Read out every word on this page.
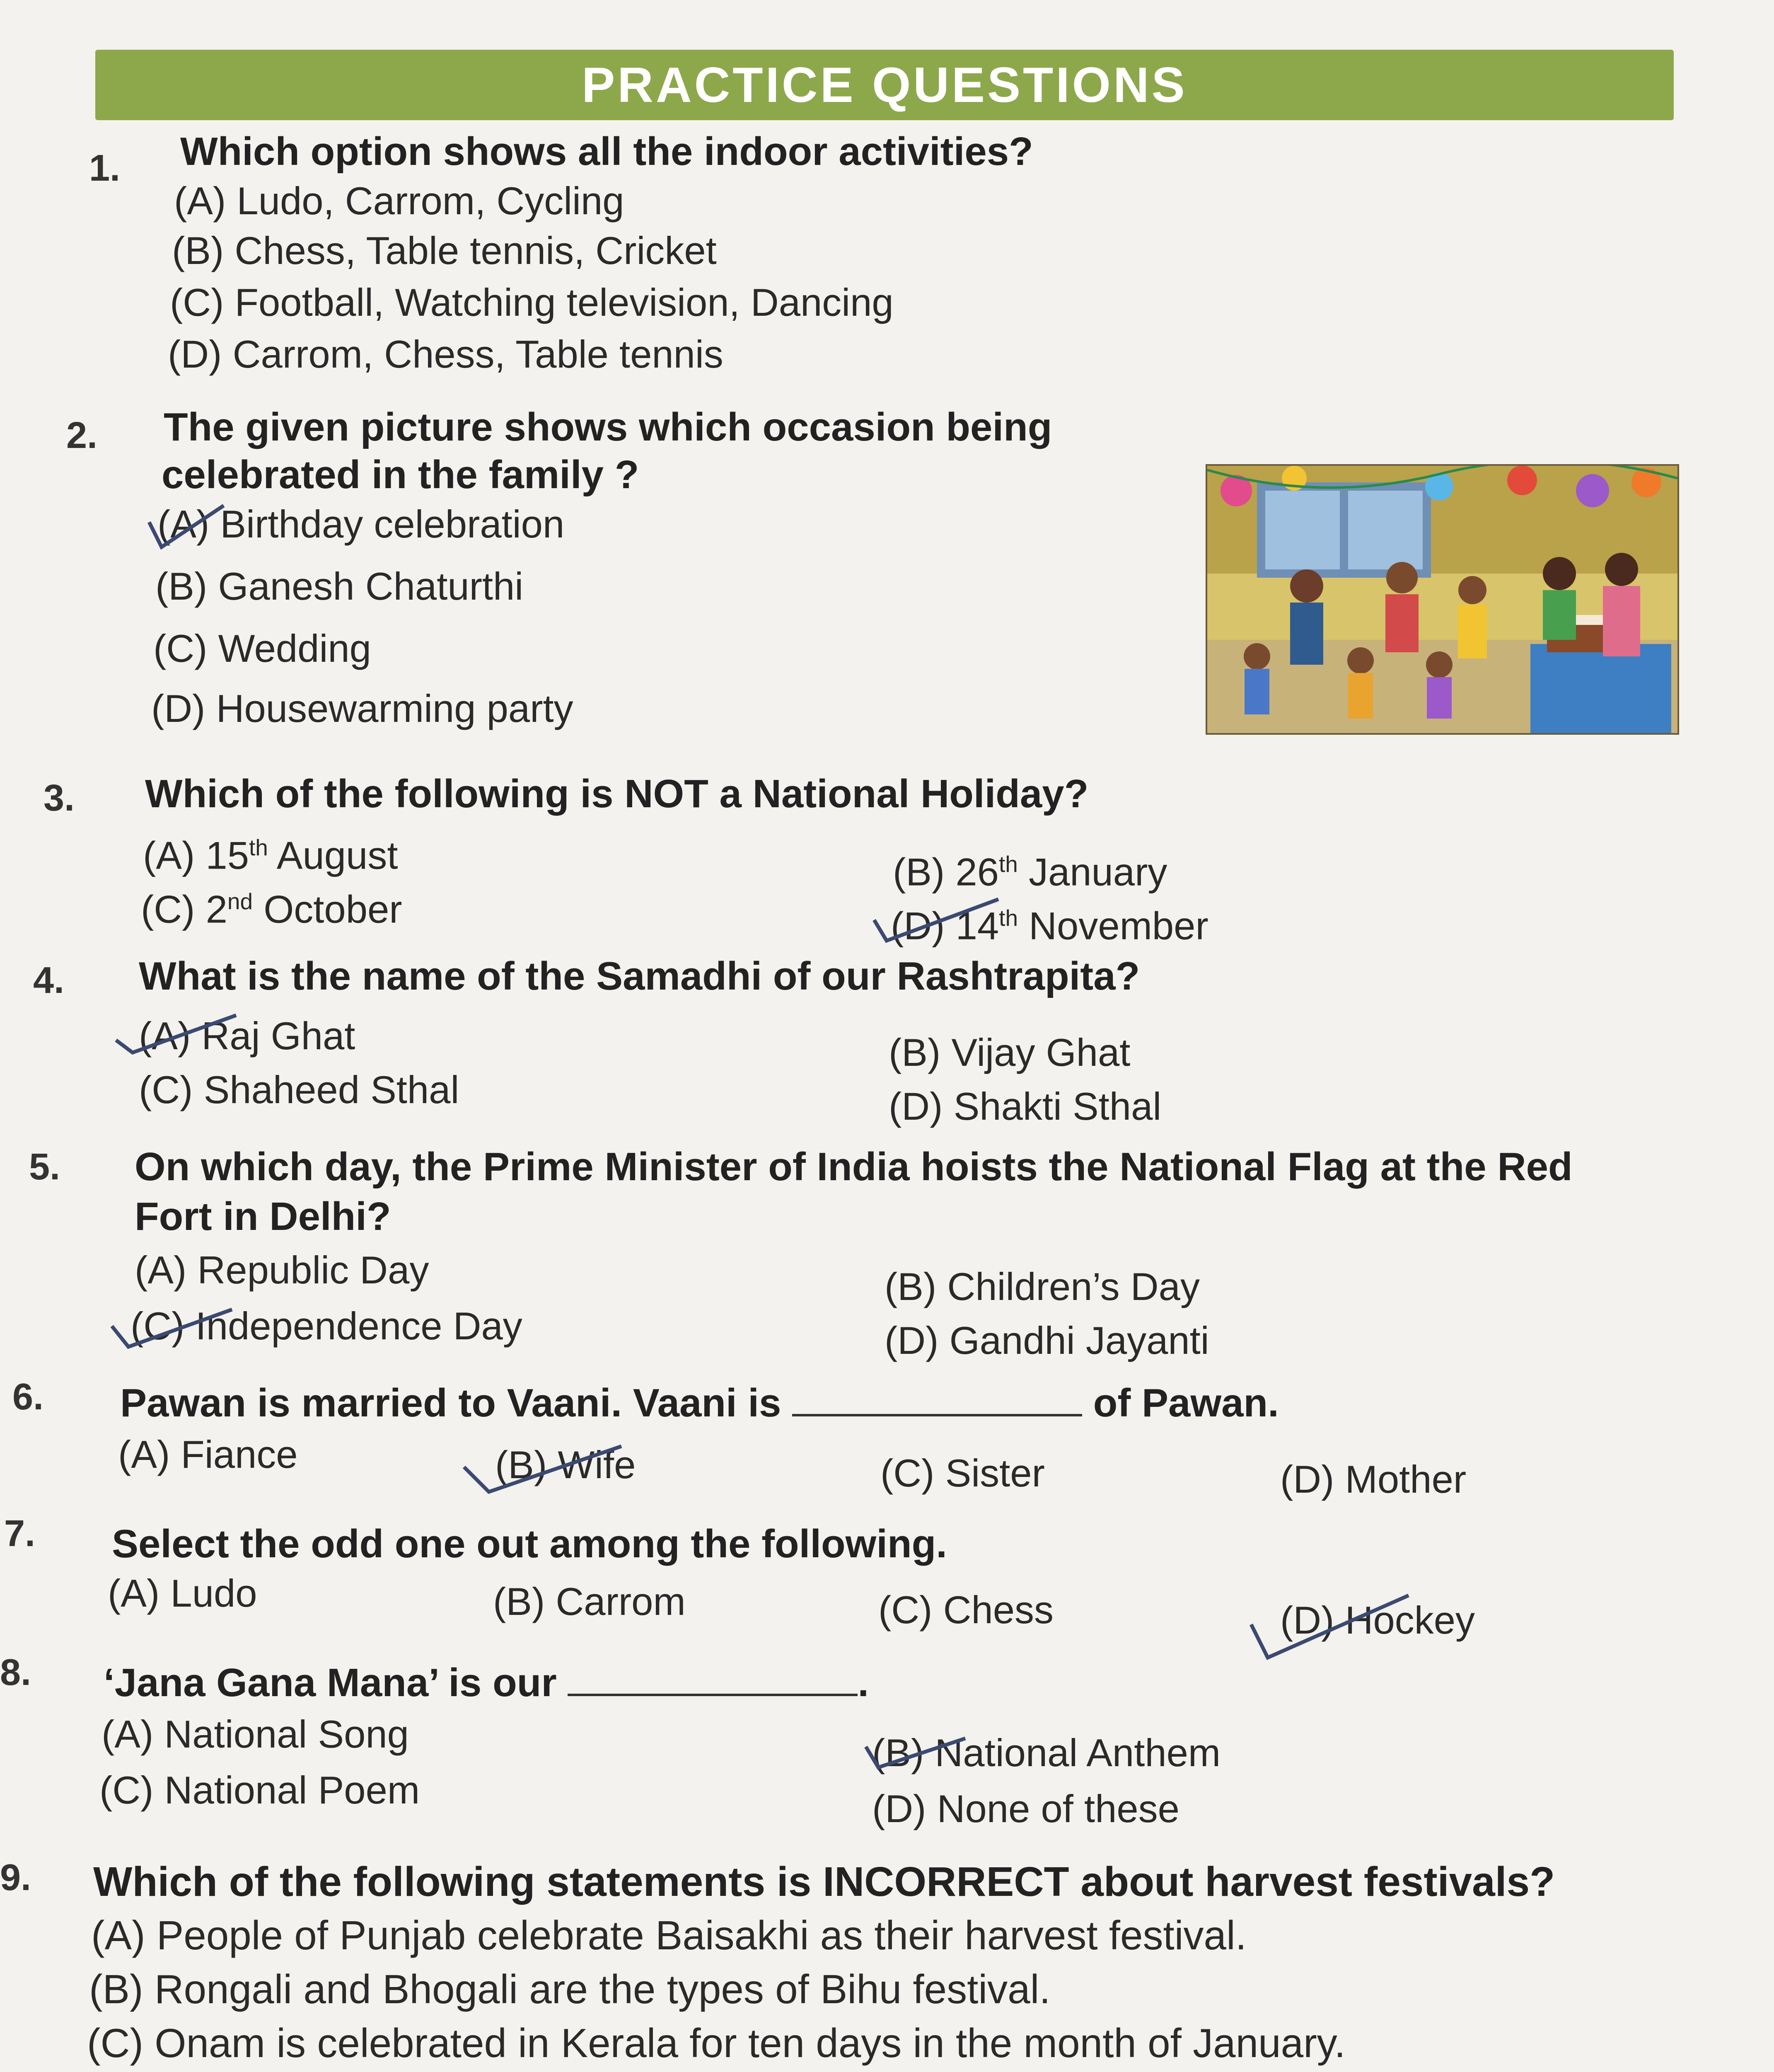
PRACTICE QUESTIONS
1. Which option shows all the indoor activities?
(A) Ludo, Carrom, Cycling
(B) Chess, Table tennis, Cricket
(C) Football, Watching television, Dancing
(D) Carrom, Chess, Table tennis
2. The given picture shows which occasion being
celebrated in the family ?
(A) Birthday celebration
(B) Ganesh Chaturthi
(C) Wedding
(D) Housewarming party
3. Which of the following is NOT a National Holiday?
(A) 15th August	(B) 26th January
(C) 2nd October	(D) 14th November
4. What is the name of the Samadhi of our Rashtrapita?
(A) Raj Ghat	(B) Vijay Ghat
(C) Shaheed Sthal	(D) Shakti Sthal
5. On which day, the Prime Minister of India hoists the National Flag at the Red
Fort in Delhi?
(A) Republic Day	(B) Children’s Day
(C) Independence Day	(D) Gandhi Jayanti
6. Pawan is married to Vaani. Vaani is	of Pawan.
(A) Fiance	(B) Wife	(C) Sister	(D) Mother
7. Select the odd one out among the following.
(A) Ludo	(B) Carrom	(C) Chess	(D) Hockey
8. ‘Jana Gana Mana’ is our	.
(A) National Song	(B) National Anthem
(C) National Poem	(D) None of these
9. Which of the following statements is INCORRECT about harvest festivals?
(A) People of Punjab celebrate Baisakhi as their harvest festival.
(B) Rongali and Bhogali are the types of Bihu festival.
(C) Onam is celebrated in Kerala for ten days in the month of January.
